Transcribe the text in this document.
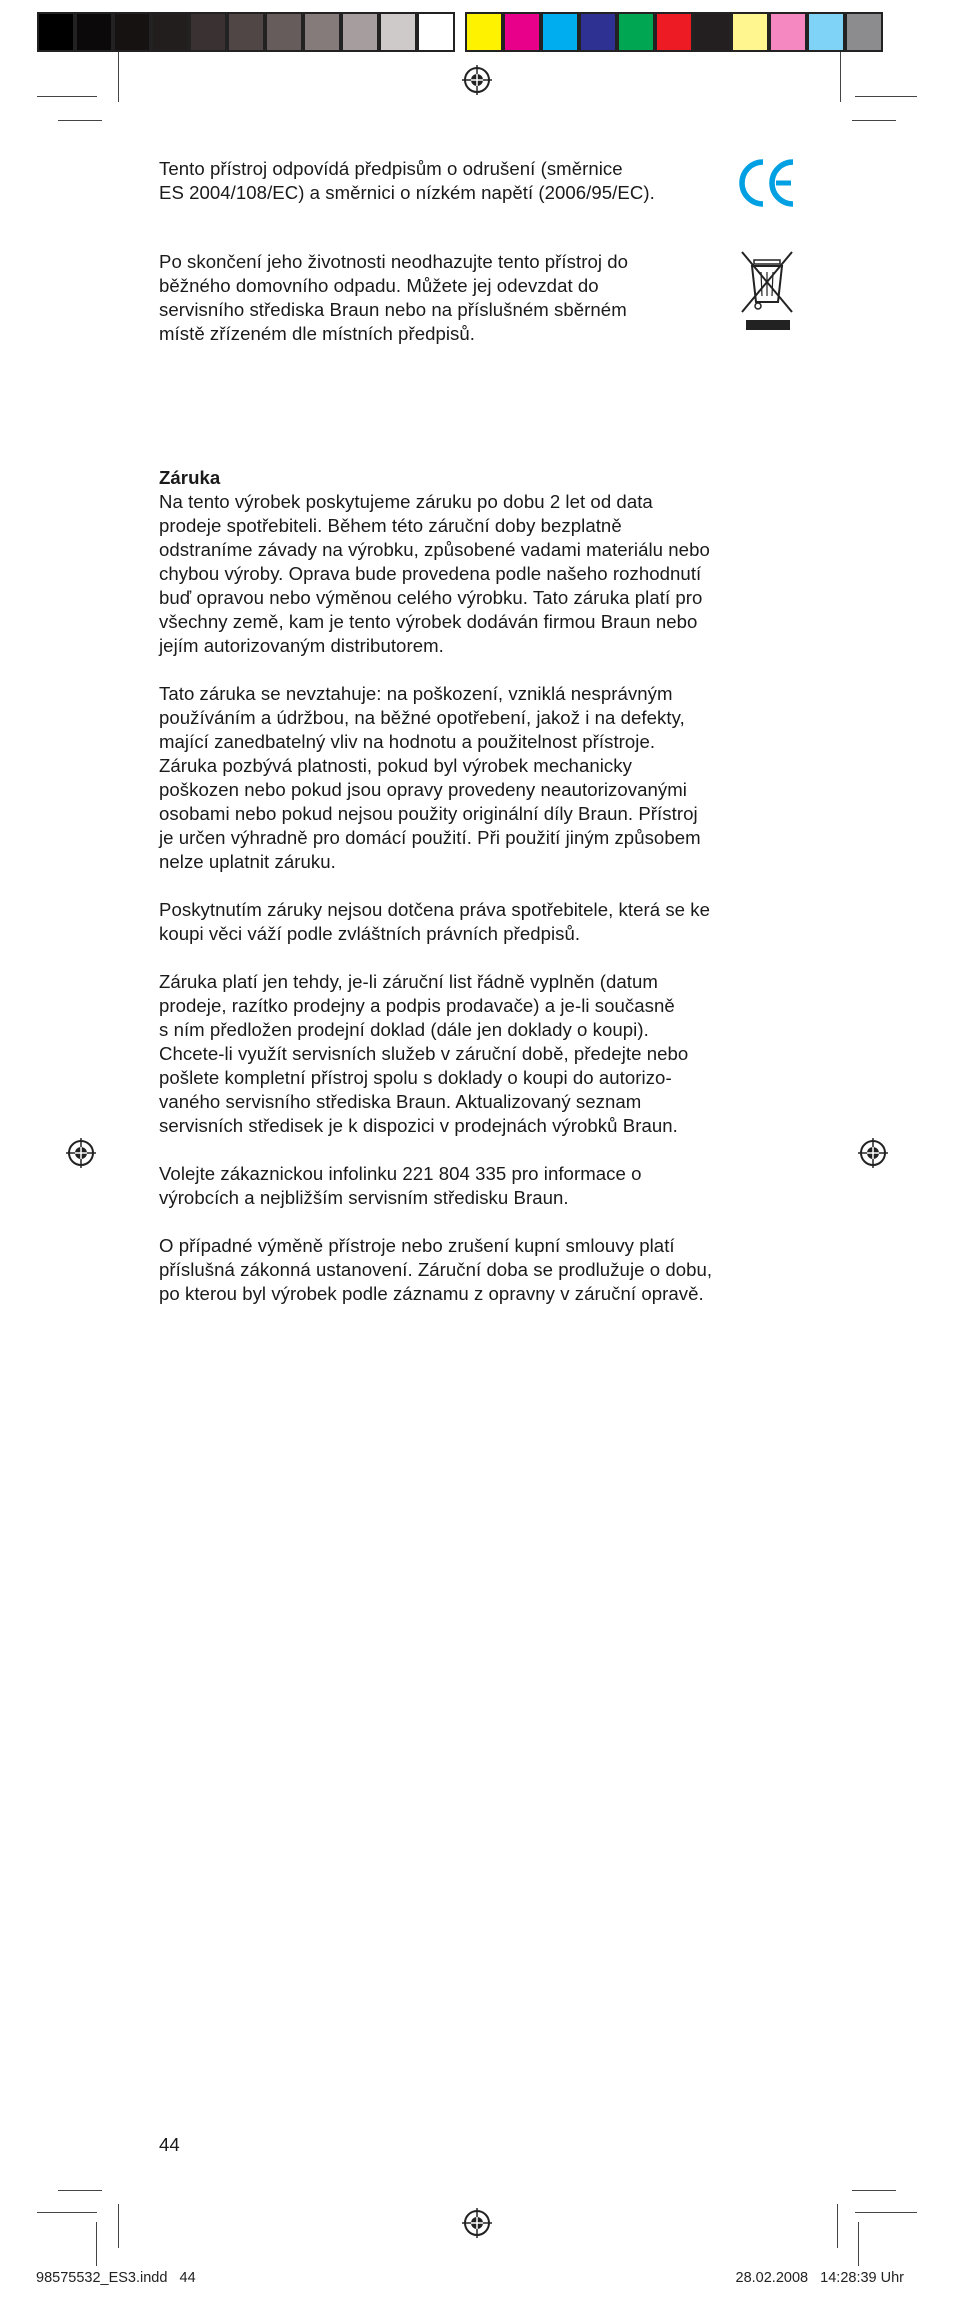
Tento přístroj odpovídá předpisům o odrušení (směrnice
ES 2004/108/EC) a směrnici o nízkém napětí (2006/95/EC).
Po skončení jeho životnosti neodhazujte tento přístroj do
běžného domovního odpadu. Můžete jej odevzdat do
servisního střediska Braun nebo na příslušném sběrném
místě zřízeném dle místních předpisů.
Záruka
Na tento výrobek poskytujeme záruku po dobu 2 let od data
prodeje spotřebiteli. Během této záruční doby bezplatně
odstraníme závady na výrobku, způsobené vadami materiálu nebo
chybou výroby. Oprava bude provedena podle našeho rozhodnutí
buď opravou nebo výměnou celého výrobku. Tato záruka platí pro
všechny země, kam je tento výrobek dodáván firmou Braun nebo
jejím autorizovaným distributorem.
Tato záruka se nevztahuje: na poškození, vzniklá nesprávným
používáním a údržbou, na běžné opotřebení, jakož i na defekty,
mající zanedbatelný vliv na hodnotu a použitelnost přístroje.
Záruka pozbývá platnosti, pokud byl výrobek mechanicky
poškozen nebo pokud jsou opravy provedeny neautorizovanými
osobami nebo pokud nejsou použity originální díly Braun. Přístroj
je určen výhradně pro domácí použití. Při použití jiným způsobem
nelze uplatnit záruku.
Poskytnutím záruky nejsou dotčena práva spotřebitele, která se ke
koupi věci váží podle zvláštních právních předpisů.
Záruka platí jen tehdy, je-li záruční list řádně vyplněn (datum
prodeje, razítko prodejny a podpis prodavače) a je-li současně
s ním předložen prodejní doklad (dále jen doklady o koupi).
Chcete-li využít servisních služeb v záruční době, předejte nebo
pošlete kompletní přístroj spolu s doklady o koupi do autorizo-
vaného servisního střediska Braun. Aktualizovaný seznam
servisních středisek je k dispozici v prodejnách výrobků Braun.
Volejte zákaznickou infolinku 221 804 335 pro informace o
výrobcích a nejbližším servisním středisku Braun.
O případné výměně přístroje nebo zrušení kupní smlouvy platí
příslušná zákonná ustanovení. Záruční doba se prodlužuje o dobu,
po kterou byl výrobek podle záznamu z opravny v záruční opravě.
44
98575532_ES3.indd   44	28.02.2008   14:28:39 Uhr
